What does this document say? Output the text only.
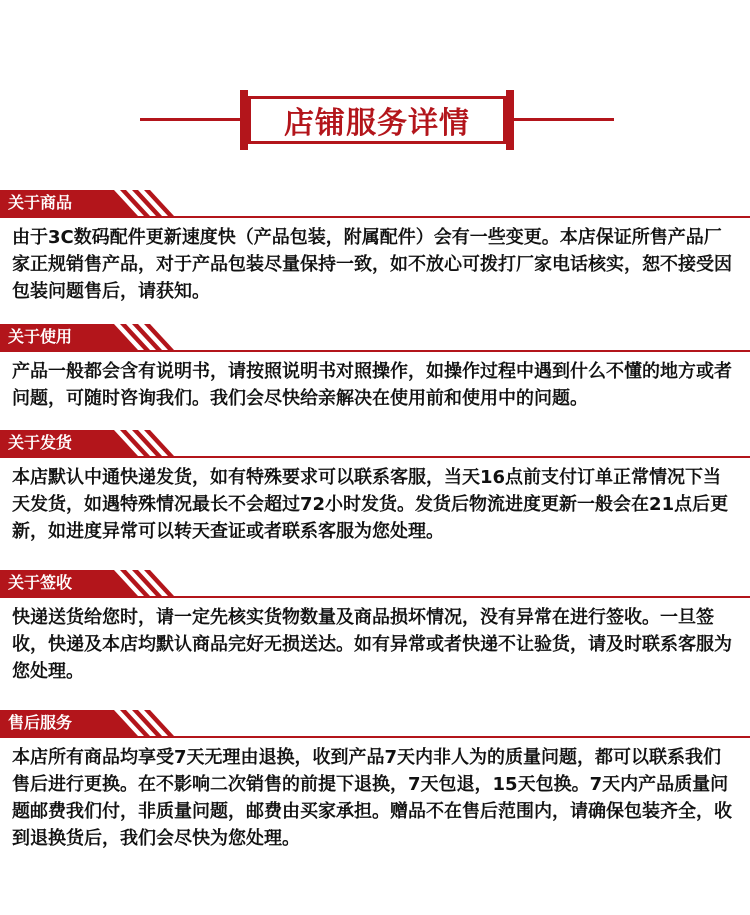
店铺服务详情
关于商品
由于3C数码配件更新速度快（产品包装，附属配件）会有一些变更。本店保证所售产品厂家正规销售产品，对于产品包装尽量保持一致，如不放心可拨打厂家电话核实，恕不接受因包装问题售后，请获知。
关于使用
产品一般都会含有说明书，请按照说明书对照操作，如操作过程中遇到什么不懂的地方或者问题，可随时咨询我们。我们会尽快给亲解决在使用前和使用中的问题。
关于发货
本店默认中通快递发货，如有特殊要求可以联系客服，当天16点前支付订单正常情况下当天发货，如遇特殊情况最长不会超过72小时发货。发货后物流进度更新一般会在21点后更新，如进度异常可以转天查证或者联系客服为您处理。
关于签收
快递送货给您时，请一定先核实货物数量及商品损坏情况，没有异常在进行签收。一旦签收，快递及本店均默认商品完好无损送达。如有异常或者快递不让验货，请及时联系客服为您处理。
售后服务
本店所有商品均享受7天无理由退换，收到产品7天内非人为的质量问题，都可以联系我们售后进行更换。在不影响二次销售的前提下退换，7天包退，15天包换。7天内产品质量问题邮费我们付，非质量问题，邮费由买家承担。赠品不在售后范围内，请确保包装齐全，收到退换货后，我们会尽快为您处理。
